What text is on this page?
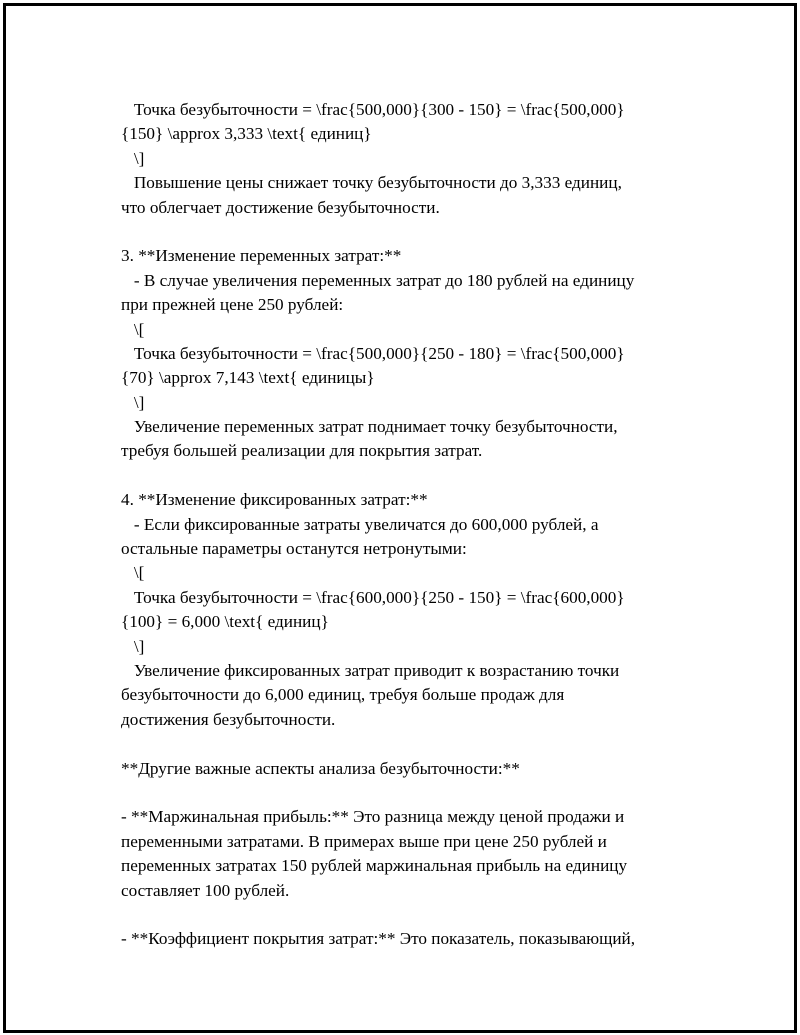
Точка безубыточности = \frac{500,000}{300 - 150} = \frac{500,000}
{150} \approx 3,333 \text{ единиц}
\]
Повышение цены снижает точку безубыточности до 3,333 единиц,
что облегчает достижение безубыточности.
3. **Изменение переменных затрат:**
- В случае увеличения переменных затрат до 180 рублей на единицу
при прежней цене 250 рублей:
\[
Точка безубыточности = \frac{500,000}{250 - 180} = \frac{500,000}
{70} \approx 7,143 \text{ единицы}
\]
Увеличение переменных затрат поднимает точку безубыточности,
требуя большей реализации для покрытия затрат.
4. **Изменение фиксированных затрат:**
- Если фиксированные затраты увеличатся до 600,000 рублей, а
остальные параметры останутся нетронутыми:
\[
Точка безубыточности = \frac{600,000}{250 - 150} = \frac{600,000}
{100} = 6,000 \text{ единиц}
\]
Увеличение фиксированных затрат приводит к возрастанию точки
безубыточности до 6,000 единиц, требуя больше продаж для
достижения безубыточности.
**Другие важные аспекты анализа безубыточности:**
- **Маржинальная прибыль:** Это разница между ценой продажи и
переменными затратами. В примерах выше при цене 250 рублей и
переменных затратах 150 рублей маржинальная прибыль на единицу
составляет 100 рублей.
- **Коэффициент покрытия затрат:** Это показатель, показывающий,
